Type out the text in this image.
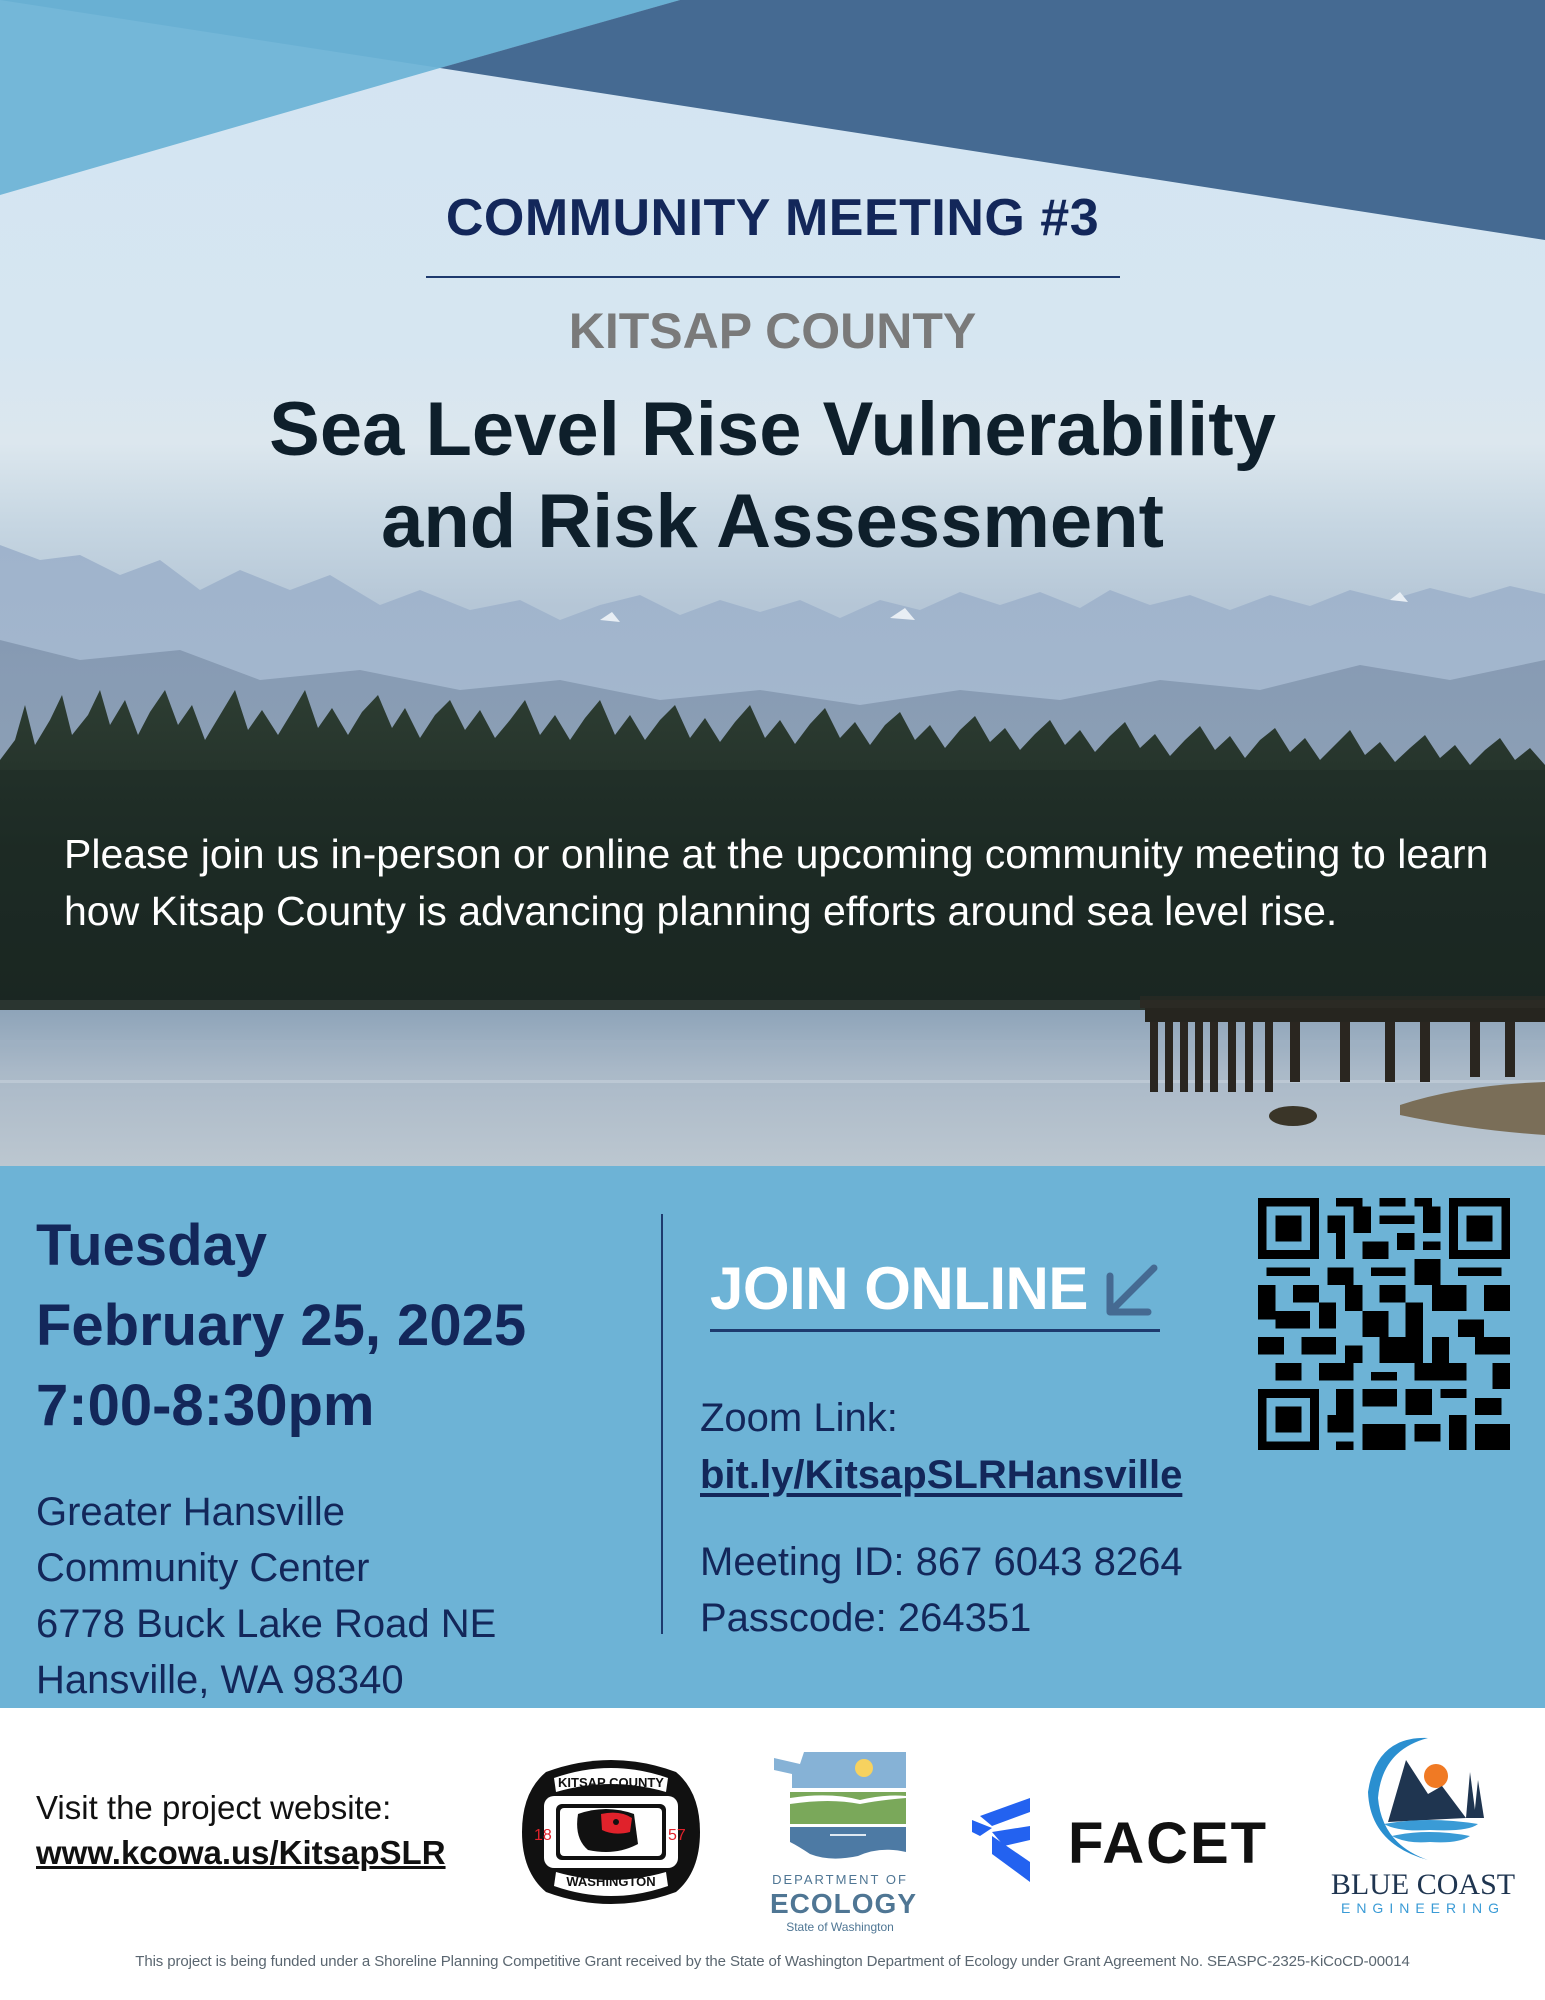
COMMUNITY MEETING #3
KITSAP COUNTY
Sea Level Rise Vulnerability
and Risk Assessment

Please join us in-person or online at the upcoming community meeting to learn how Kitsap County is advancing planning efforts around sea level rise.

Tuesday
February 25, 2025
7:00-8:30pm
Greater Hansville
Community Center
6778 Buck Lake Road NE
Hansville, WA 98340
JOIN ONLINE
Zoom Link:
bit.ly/KitsapSLRHansville
Meeting ID: 867 6043 8264
Passcode: 264351
Visit the project website:
www.kcowa.us/KitsapSLR
KITSAP COUNTY
WASHINGTON
18	57
DEPARTMENT OF
ECOLOGY
State of Washington
FACET
BLUE COAST
ENGINEERING
This project is being funded under a Shoreline Planning Competitive Grant received by the State of Washington Department of Ecology under Grant Agreement No. SEASPC-2325-KiCoCD-00014
